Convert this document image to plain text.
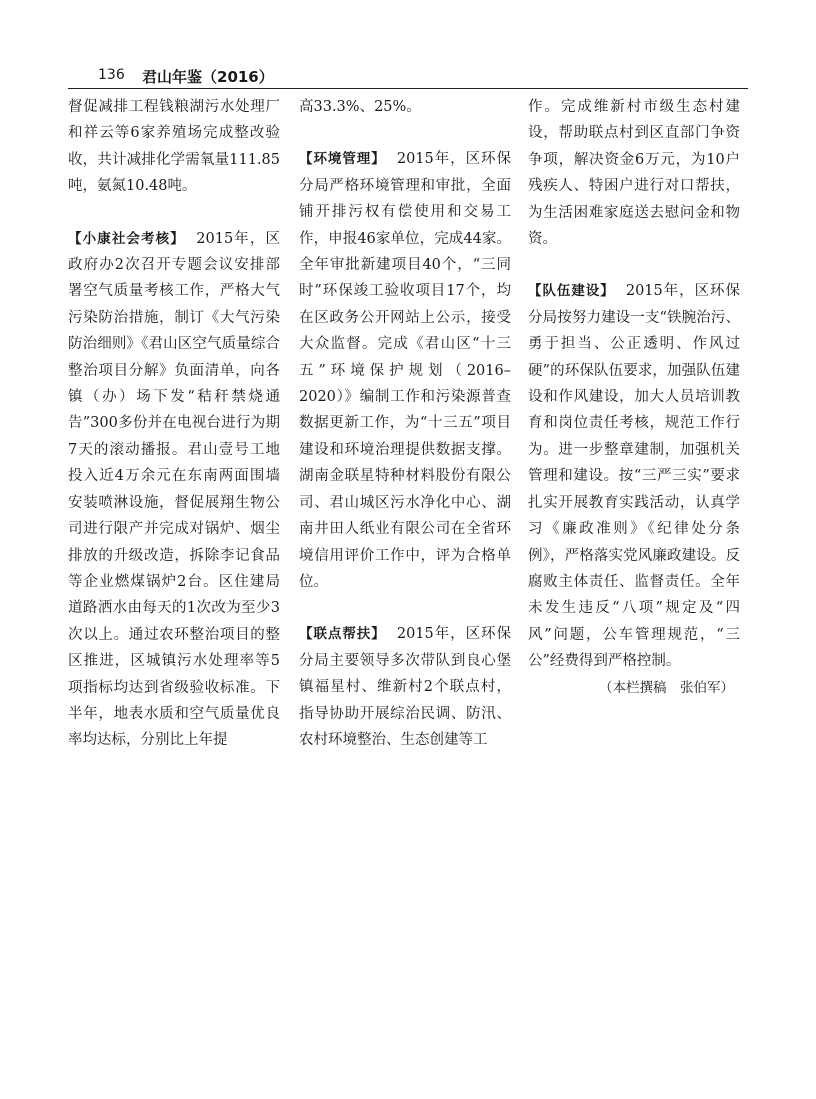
136 君山年鉴（2016）

督促减排工程钱粮湖污水处理厂和祥云等6家养殖场完成整改验收，共计减排化学需氧量111.85吨，氨氮10.48吨。

【小康社会考核】 2015年，区政府办2次召开专题会议安排部署空气质量考核工作，严格大气污染防治措施，制订《大气污染防治细则》《君山区空气质量综合整治项目分解》负面清单，向各镇（办）场下发“秸秆禁烧通告”300多份并在电视台进行为期7天的滚动播报。君山壹号工地投入近4万余元在东南两面围墙安装喷淋设施，督促展翔生物公司进行限产并完成对锅炉、烟尘排放的升级改造，拆除李记食品等企业燃煤锅炉2台。区住建局道路洒水由每天的1次改为至少3次以上。通过农环整治项目的整区推进，区城镇污水处理率等5项指标均达到省级验收标准。下半年，地表水质和空气质量优良率均达标，分别比上年提

高33.3%、25%。

【环境管理】 2015年，区环保分局严格环境管理和审批，全面铺开排污权有偿使用和交易工作，申报46家单位，完成44家。全年审批新建项目40个，“三同时”环保竣工验收项目17个，均在区政务公开网站上公示，接受大众监督。完成《君山区“十三五”环境保护规划（2016–2020）》编制工作和污染源普查数据更新工作，为“十三五”项目建设和环境治理提供数据支撑。湖南金联星特种材料股份有限公司、君山城区污水净化中心、湖南井田人纸业有限公司在全省环境信用评价工作中，评为合格单位。

【联点帮扶】 2015年，区环保分局主要领导多次带队到良心堡镇福星村、维新村2个联点村，指导协助开展综治民调、防汛、农村环境整治、生态创建等工

作。完成维新村市级生态村建设，帮助联点村到区直部门争资争项，解决资金6万元，为10户残疾人、特困户进行对口帮扶，为生活困难家庭送去慰问金和物资。

【队伍建设】 2015年，区环保分局按努力建设一支“铁腕治污、勇于担当、公正透明、作风过硬”的环保队伍要求，加强队伍建设和作风建设，加大人员培训教育和岗位责任考核，规范工作行为。进一步整章建制，加强机关管理和建设。按“三严三实”要求扎实开展教育实践活动，认真学习《廉政准则》《纪律处分条例》，严格落实党风廉政建设。反腐败主体责任、监督责任。全年未发生违反“八项”规定及“四风”问题，公车管理规范，“三公”经费得到严格控制。

（本栏撰稿　张伯军）
